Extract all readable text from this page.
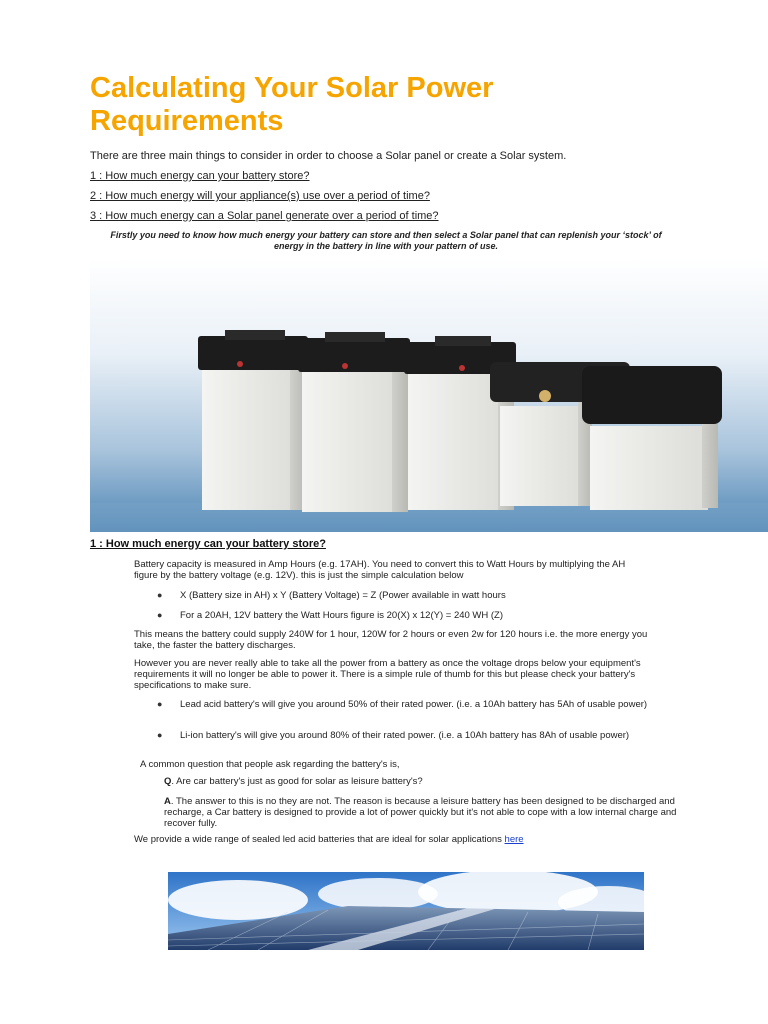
Calculating Your Solar Power Requirements
There are three main things to consider in order to choose a Solar panel or create a Solar system.
1 : How much energy can your battery store?
2 : How much energy will your appliance(s) use over a period of time?
3 : How much energy can a Solar panel generate over a period of time?
Firstly you need to know how much energy your battery can store and then select a Solar panel that can replenish your ‘stock’ of energy in the battery in line with your pattern of use.
1 : How much energy can your battery store?
Battery capacity is measured in Amp Hours (e.g. 17AH). You need to convert this to Watt Hours by multiplying the AH figure by the battery voltage (e.g. 12V). this is just the simple calculation below
● X (Battery size in AH) x Y (Battery Voltage) = Z (Power available in watt hours
● For a 20AH, 12V battery the Watt Hours figure is 20(X) x 12(Y) = 240 WH (Z)
This means the battery could supply 240W for 1 hour, 120W for 2 hours or even 2w for 120 hours i.e. the more energy you take, the faster the battery discharges.
However you are never really able to take all the power from a battery as once the voltage drops below your equipment's requirements it will no longer be able to power it. There is a simple rule of thumb for this but please check your battery's specifications to make sure.
● Lead acid battery's will give you around 50% of their rated power. (i.e. a 10Ah battery has 5Ah of usable power)
● Li-ion battery's will give you around 80% of their rated power. (i.e. a 10Ah battery has 8Ah of usable power)
A common question that people ask regarding the battery's is,
Q. Are car battery's just as good for solar as leisure battery's?
A. The answer to this is no they are not. The reason is because a leisure battery has been designed to be discharged and recharge, a Car battery is designed to provide a lot of power quickly but it's not able to cope with a low internal charge and recover fully.
We provide a wide range of sealed led acid batteries that are ideal for solar applications here
